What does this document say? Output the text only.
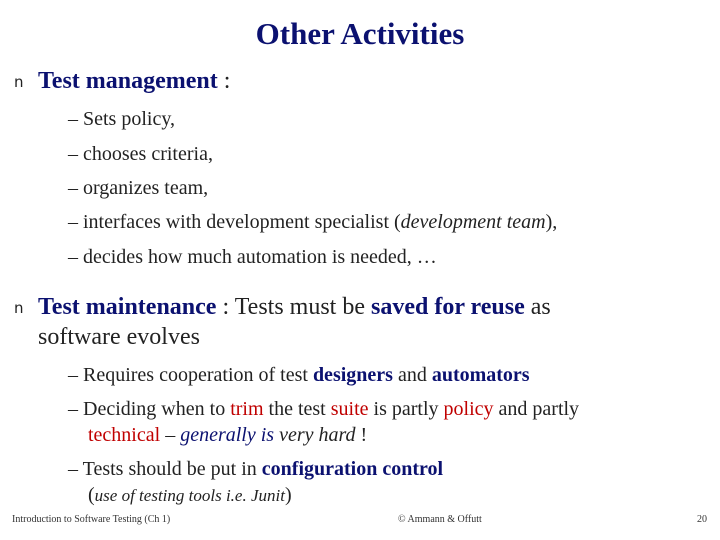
Other Activities
n Test management :
– Sets policy,
– chooses criteria,
– organizes team,
– interfaces with development specialist (development team),
– decides how much automation is needed, …
n Test maintenance : Tests must be saved for reuse as
software evolves
– Requires cooperation of test designers and automators
– Deciding when to trim the test suite is partly policy and partly
technical – generally is very hard !
– Tests should be put in configuration control
(use of testing tools i.e. Junit)
Introduction to Software Testing (Ch 1)	© Ammann & Offutt	20
